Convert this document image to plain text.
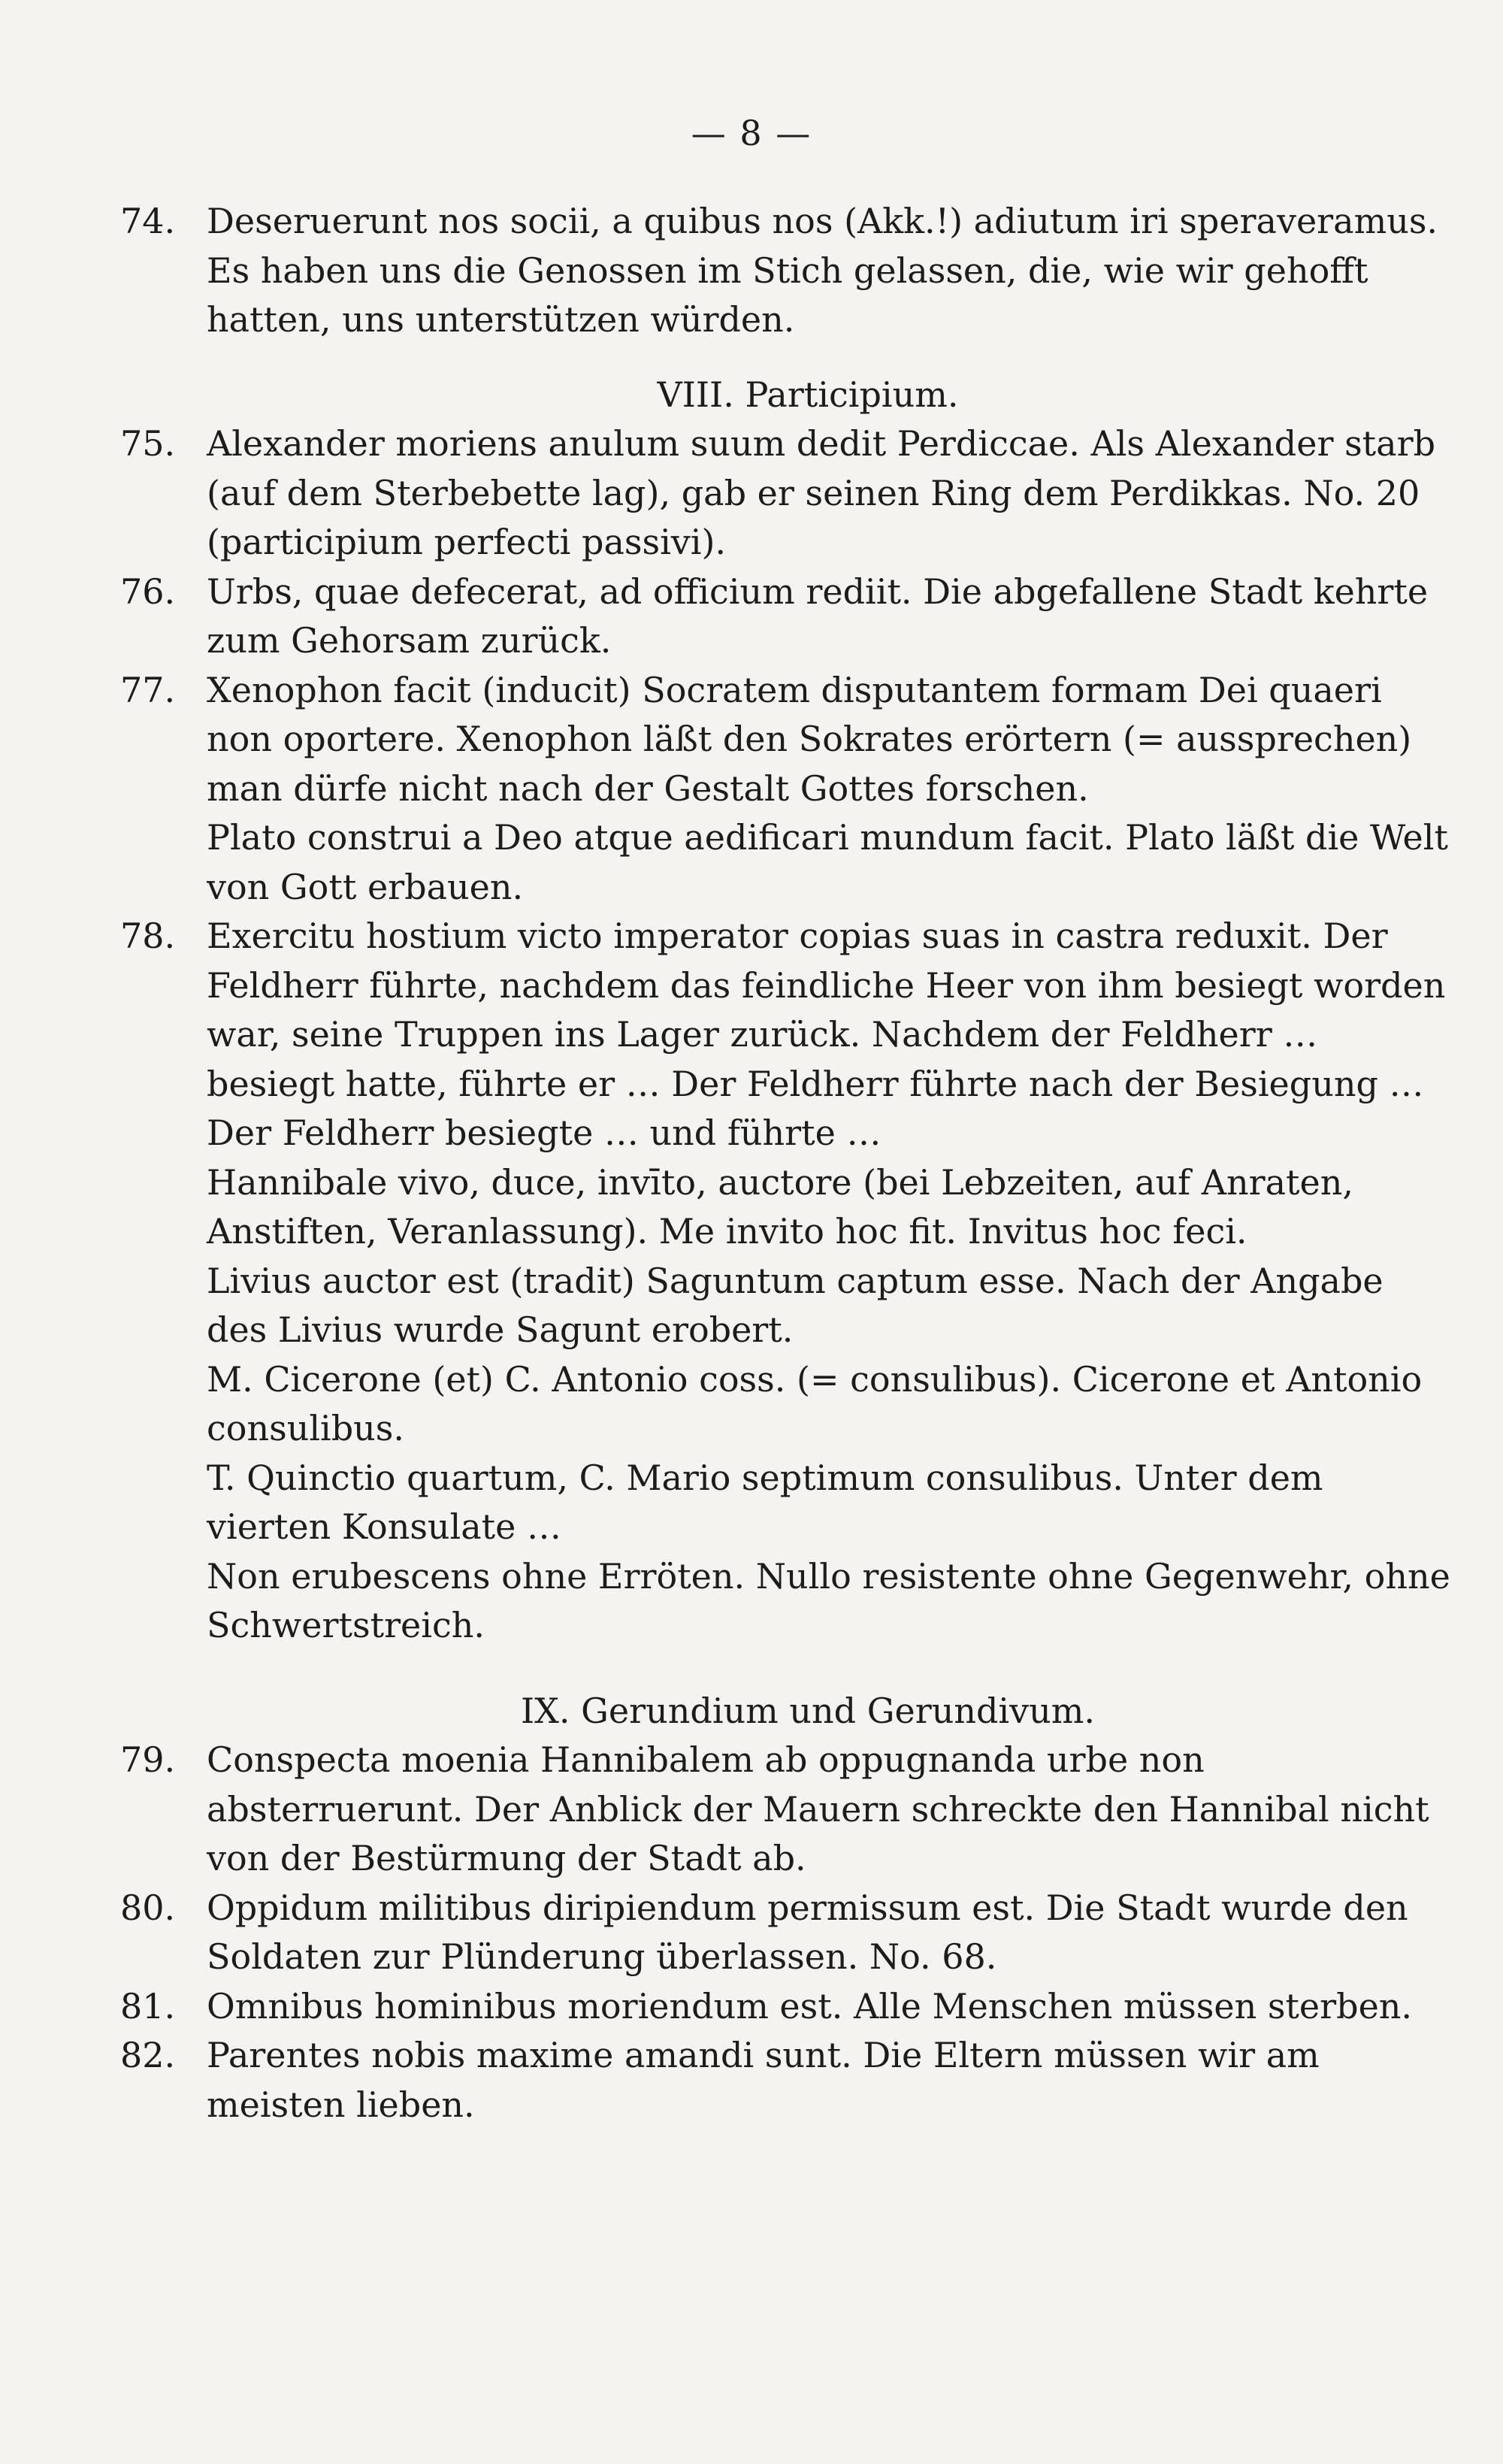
— 8 —

74. Deseruerunt nos socii, a quibus nos (Akk.!) adiutum iri speraveramus. Es haben uns die Genossen im Stich gelassen, die, wie wir gehofft hatten, uns unterstützen würden.

VIII. Participium.

75. Alexander moriens anulum suum dedit Perdiccae. Als Alexander starb (auf dem Sterbebette lag), gab er seinen Ring dem Perdikkas. No. 20 (participium perfecti passivi).

76. Urbs, quae defecerat, ad officium rediit. Die abgefallene Stadt kehrte zum Gehorsam zurück.

77. Xenophon facit (inducit) Socratem disputantem formam Dei quaeri non oportere. Xenophon läßt den Sokrates erörtern (= aussprechen) man dürfe nicht nach der Gestalt Gottes forschen.

Plato construi a Deo atque aedificari mundum facit. Plato läßt die Welt von Gott erbauen.

78. Exercitu hostium victo imperator copias suas in castra reduxit. Der Feldherr führte, nachdem das feindliche Heer von ihm besiegt worden war, seine Truppen ins Lager zurück. Nachdem der Feldherr … besiegt hatte, führte er … Der Feldherr führte nach der Besiegung … Der Feldherr besiegte … und führte …

Hannibale vivo, duce, invīto, auctore (bei Lebzeiten, auf Anraten, Anstiften, Veranlassung). Me invito hoc fit. Invitus hoc feci.

Livius auctor est (tradit) Saguntum captum esse. Nach der Angabe des Livius wurde Sagunt erobert.

M. Cicerone (et) C. Antonio coss. (= consulibus). Cicerone et Antonio consulibus.

T. Quinctio quartum, C. Mario septimum consulibus. Unter dem vierten Konsulate …

Non erubescens ohne Erröten. Nullo resistente ohne Gegenwehr, ohne Schwertstreich.

IX. Gerundium und Gerundivum.

79. Conspecta moenia Hannibalem ab oppugnanda urbe non absterruerunt. Der Anblick der Mauern schreckte den Hannibal nicht von der Bestürmung der Stadt ab.

80. Oppidum militibus diripiendum permissum est. Die Stadt wurde den Soldaten zur Plünderung überlassen. No. 68.

81. Omnibus hominibus moriendum est. Alle Menschen müssen sterben.

82. Parentes nobis maxime amandi sunt. Die Eltern müssen wir am meisten lieben.
